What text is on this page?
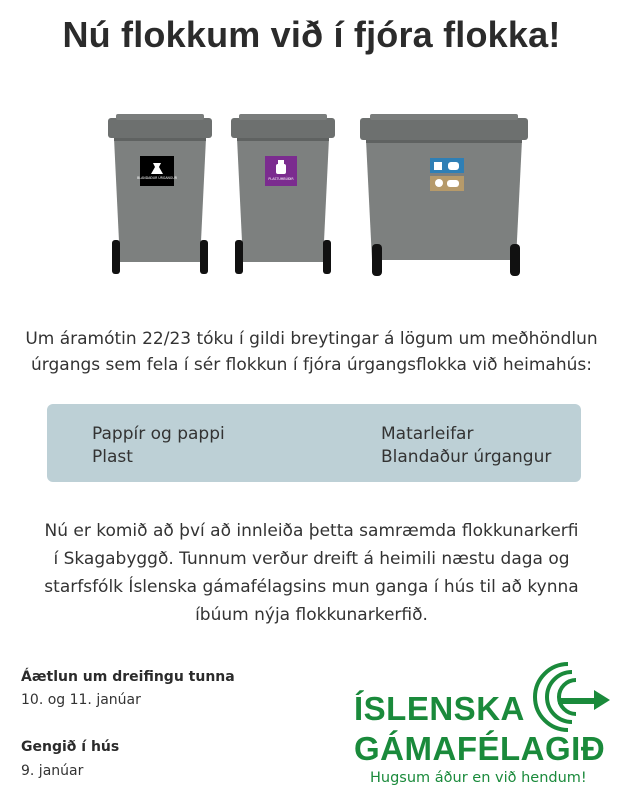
Nú flokkum við í fjóra flokka!
BLANDAÐUR ÚRGANGUR	PLASTUMBÚÐIR
Um áramótin 22/23 tóku í gildi breytingar á lögum um meðhöndlun
úrgangs sem fela í sér flokkun í fjóra úrgangsflokka við heimahús:
Pappír og pappi
Plast
Matarleifar
Blandaður úrgangur
Nú er komið að því að innleiða þetta samræmda flokkunarkerfi
í Skagabyggð. Tunnum verður dreift á heimili næstu daga og
starfsfólk Íslenska gámafélagsins mun ganga í hús til að kynna
íbúum nýja flokkunarkerfið.
Áætlun um dreifingu tunna
10. og 11. janúar
Gengið í hús
9. janúar
ÍSLENSKA
GÁMAFÉLAGIÐ
Hugsum áður en við hendum!
